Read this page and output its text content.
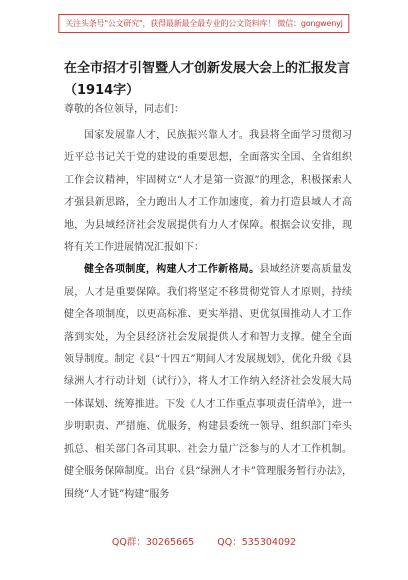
关注头条号"公文研究"，获得最新最全最专业的公文资料库！ 微信：gongwenyj
在全市招才引智暨人才创新发展大会上的汇报发言（1914字）
尊敬的各位领导，同志们：

国家发展靠人才，民族振兴靠人才。我县将全面学习贯彻习近平总书记关于党的建设的重要思想，全面落实全国、全省组织工作会议精神，牢固树立“人才是第一资源”的理念，积极探索人才强县新思路，全力跑出人才工作加速度，着力打造县域人才高地，为县域经济社会发展提供有力人才保障。根据会议安排，现将有关工作进展情况汇报如下：

健全各项制度，构建人才工作新格局。县域经济要高质量发展，人才是重要保障。我们将坚定不移贯彻党管人才原则，持续健全各项制度，以更高标准、更实举措、更优氛围推动人才工作落到实处，为全县经济社会发展提供人才和智力支撑。健全全面领导制度。制定《县“十四五”期间人才发展规划》，优化升级《县绿洲人才行动计划（试行）》，将人才工作纳入经济社会发展大局一体谋划、统筹推进。下发《人才工作重点事项责任清单》，进一步明职责、严措施、优服务，构建县委统一领导、组织部门牵头抓总、相关部门各司其职、社会力量广泛参与的人才工作机制。健全服务保障制度。出台《县“绿洲人才卡”管理服务暂行办法》，围绕“人才链”构建“服务

QQ群：30265665 QQ：535304092
